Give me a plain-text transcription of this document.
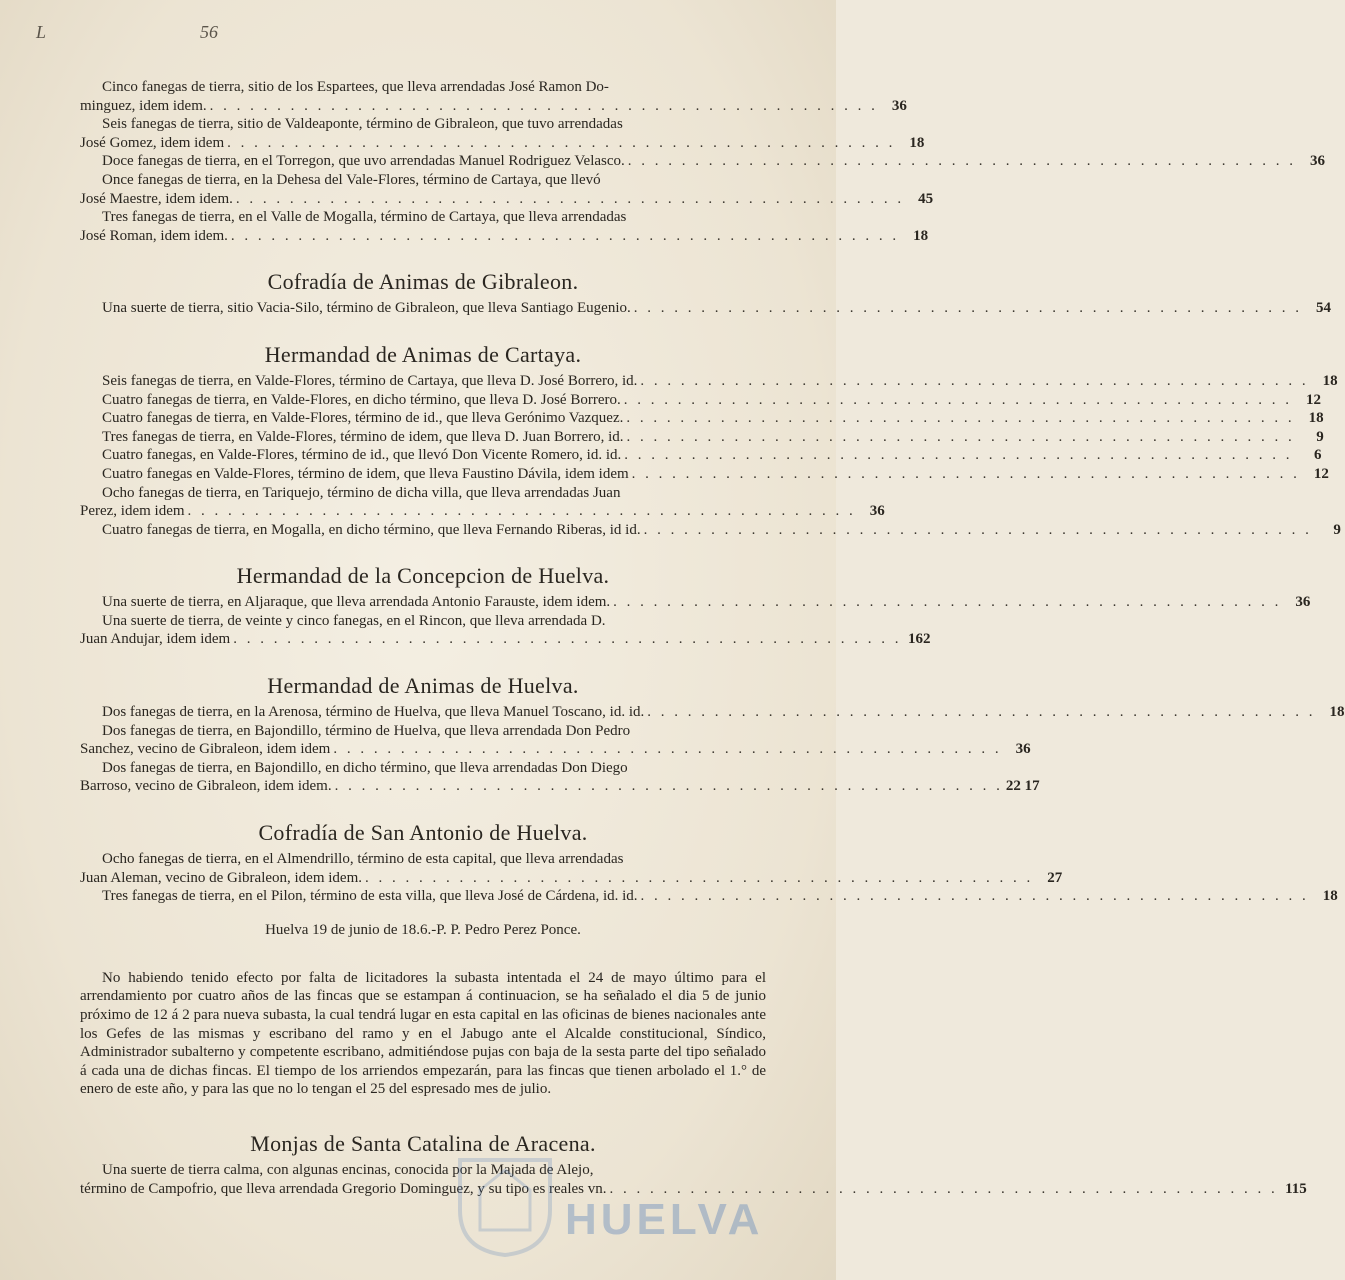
L	56
Cinco fanegas de tierra, sitio de los Espartees, que lleva arrendadas José Ramon Do-
minguez, idem idem. . . . . . . . . . . . . . . . . . . . . . . . . . . . . . . . . . . . . . . . . . . . . . . . . . . 36
Seis fanegas de tierra, sitio de Valdeaponte, término de Gibraleon, que tuvo arrendadas
José Gomez, idem idem . . . . . . . . . . . . . . . . . . . . . . . . . . . . . . . . . . . . . . . . . . . . . . . . . . 18
Doce fanegas de tierra, en el Torregon, que uvo arrendadas Manuel Rodriguez Velasco. . . . . . . . . . . . . . . . . . . . . . . . . . . . . . . . . . . . . . . . . . . . . . . . . . . 36
Once fanegas de tierra, en la Dehesa del Vale-Flores, término de Cartaya, que llevó
José Maestre, idem idem. . . . . . . . . . . . . . . . . . . . . . . . . . . . . . . . . . . . . . . . . . . . . . . . . . . 45
Tres fanegas de tierra, en el Valle de Mogalla, término de Cartaya, que lleva arrendadas
José Roman, idem idem. . . . . . . . . . . . . . . . . . . . . . . . . . . . . . . . . . . . . . . . . . . . . . . . . . . 18
Cofradía de Animas de Gibraleon.
Una suerte de tierra, sitio Vacia-Silo, término de Gibraleon, que lleva Santiago Eugenio. . . . . . . . . . . . . . . . . . . . . . . . . . . . . . . . . . . . . . . . . . . . . . . . . . . 54
Hermandad de Animas de Cartaya.
Seis fanegas de tierra, en Valde-Flores, término de Cartaya, que lleva D. José Borrero, id. . . . . . . . . . . . . . . . . . . . . . . . . . . . . . . . . . . . . . . . . . . . . . . . . . . 18
Cuatro fanegas de tierra, en Valde-Flores, en dicho término, que lleva D. José Borrero. . . . . . . . . . . . . . . . . . . . . . . . . . . . . . . . . . . . . . . . . . . . . . . . . . . 12
Cuatro fanegas de tierra, en Valde-Flores, término de id., que lleva Gerónimo Vazquez. . . . . . . . . . . . . . . . . . . . . . . . . . . . . . . . . . . . . . . . . . . . . . . . . . . 18
Tres fanegas de tierra, en Valde-Flores, término de idem, que lleva D. Juan Borrero, id. . . . . . . . . . . . . . . . . . . . . . . . . . . . . . . . . . . . . . . . . . . . . . . . . . .	9
Cuatro fanegas, en Valde-Flores, término de id., que llevó Don Vicente Romero, id. id. . . . . . . . . . . . . . . . . . . . . . . . . . . . . . . . . . . . . . . . . . . . . . . . . . .	6
Cuatro fanegas en Valde-Flores, término de idem, que lleva Faustino Dávila, idem idem . . . . . . . . . . . . . . . . . . . . . . . . . . . . . . . . . . . . . . . . . . . . . . . . . . 12
Ocho fanegas de tierra, en Tariquejo, término de dicha villa, que lleva arrendadas Juan
Perez, idem idem . . . . . . . . . . . . . . . . . . . . . . . . . . . . . . . . . . . . . . . . . . . . . . . . . . 36
Cuatro fanegas de tierra, en Mogalla, en dicho término, que lleva Fernando Riberas, id id. . . . . . . . . . . . . . . . . . . . . . . . . . . . . . . . . . . . . . . . . . . . . . . . . . .	9
Hermandad de la Concepcion de Huelva.
Una suerte de tierra, en Aljaraque, que lleva arrendada Antonio Farauste, idem idem. . . . . . . . . . . . . . . . . . . . . . . . . . . . . . . . . . . . . . . . . . . . . . . . . . . 36
Una suerte de tierra, de veinte y cinco fanegas, en el Rincon, que lleva arrendada D.
Juan Andujar, idem idem . . . . . . . . . . . . . . . . . . . . . . . . . . . . . . . . . . . . . . . . . . . . . . . . . . 162
Hermandad de Animas de Huelva.
Dos fanegas de tierra, en la Arenosa, término de Huelva, que lleva Manuel Toscano, id. id. . . . . . . . . . . . . . . . . . . . . . . . . . . . . . . . . . . . . . . . . . . . . . . . . . . 18
Dos fanegas de tierra, en Bajondillo, término de Huelva, que lleva arrendada Don Pedro
Sanchez, vecino de Gibraleon, idem idem . . . . . . . . . . . . . . . . . . . . . . . . . . . . . . . . . . . . . . . . . . . . . . . . . . 36
Dos fanegas de tierra, en Bajondillo, en dicho término, que lleva arrendadas Don Diego
Barroso, vecino de Gibraleon, idem idem. . . . . . . . . . . . . . . . . . . . . . . . . . . . . . . . . . . . . . . . . . . . . . . . . . . 22 17
Cofradía de San Antonio de Huelva.
Ocho fanegas de tierra, en el Almendrillo, término de esta capital, que lleva arrendadas
Juan Aleman, vecino de Gibraleon, idem idem. . . . . . . . . . . . . . . . . . . . . . . . . . . . . . . . . . . . . . . . . . . . . . . . . . . 27
Tres fanegas de tierra, en el Pilon, término de esta villa, que lleva José de Cárdena, id. id. . . . . . . . . . . . . . . . . . . . . . . . . . . . . . . . . . . . . . . . . . . . . . . . . . . 18
Huelva 19 de junio de 18.6.-P. P. Pedro Perez Ponce.
No habiendo tenido efecto por falta de licitadores la subasta intentada el 24 de mayo último para el arrendamiento por cuatro años de las fincas que se estampan á continuacion, se ha señalado el dia 5 de junio próximo de 12 á 2 para nueva subasta, la cual tendrá lugar en esta capital en las oficinas de bienes nacionales ante los Gefes de las mismas y escribano del ramo y en el Jabugo ante el Alcalde constitucional, Síndico, Administrador subalterno y competente escribano, admitiéndose pujas con baja de la sesta parte del tipo señalado á cada una de dichas fincas. El tiempo de los arriendos empezarán, para las fincas que tienen arbolado el 1.° de enero de este año, y para las que no lo tengan el 25 del espresado mes de julio.
Monjas de Santa Catalina de Aracena.
Una suerte de tierra calma, con algunas encinas, conocida por la Majada de Alejo,
término de Campofrio, que lleva arrendada Gregorio Dominguez, y su tipo es reales vn. . . . . . . . . . . . . . . . . . . . . . . . . . . . . . . . . . . . . . . . . . . . . . . . . . . 115
HUELVA
